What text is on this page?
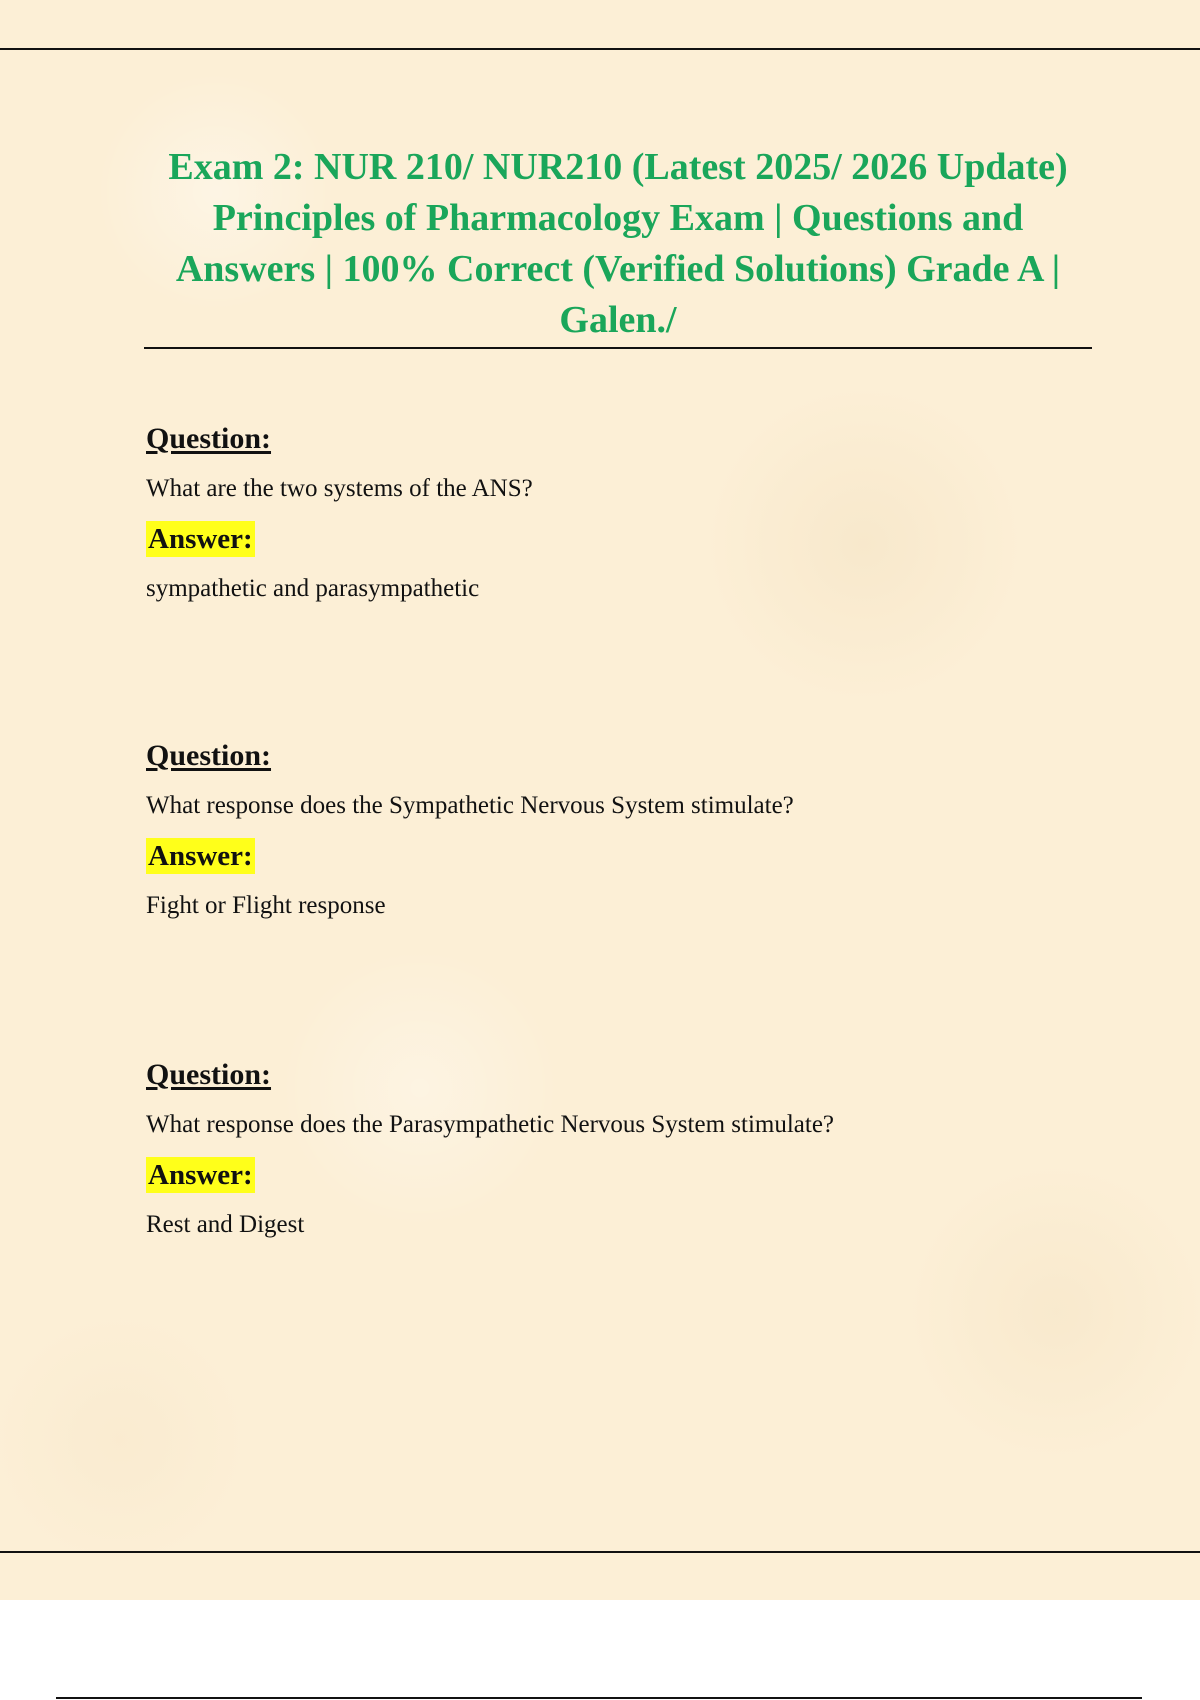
Exam 2: NUR 210/ NUR210 (Latest 2025/ 2026 Update) Principles of Pharmacology Exam | Questions and Answers | 100% Correct (Verified Solutions) Grade A | Galen./
Question:
What are the two systems of the ANS?
Answer:
sympathetic and parasympathetic
Question:
What response does the Sympathetic Nervous System stimulate?
Answer:
Fight or Flight response
Question:
What response does the Parasympathetic Nervous System stimulate?
Answer:
Rest and Digest
